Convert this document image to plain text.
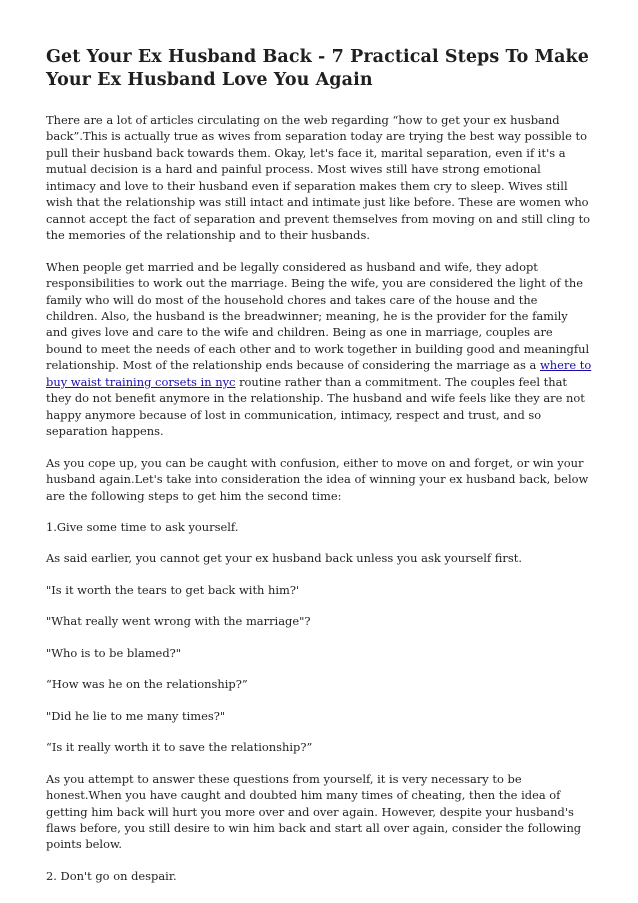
Get Your Ex Husband Back - 7 Practical Steps To Make Your Ex Husband Love You Again

There are a lot of articles circulating on the web regarding “how to get your ex husband back”.This is actually true as wives from separation today are trying the best way possible to pull their husband back towards them. Okay, let's face it, marital separation, even if it's a mutual decision is a hard and painful process. Most wives still have strong emotional intimacy and love to their husband even if separation makes them cry to sleep. Wives still wish that the relationship was still intact and intimate just like before. These are women who cannot accept the fact of separation and prevent themselves from moving on and still cling to the memories of the relationship and to their husbands.

When people get married and be legally considered as husband and wife, they adopt responsibilities to work out the marriage. Being the wife, you are considered the light of the family who will do most of the household chores and takes care of the house and the children. Also, the husband is the breadwinner; meaning, he is the provider for the family and gives love and care to the wife and children. Being as one in marriage, couples are bound to meet the needs of each other and to work together in building good and meaningful relationship. Most of the relationship ends because of considering the marriage as a where to buy waist training corsets in nyc routine rather than a commitment. The couples feel that they do not benefit anymore in the relationship. The husband and wife feels like they are not happy anymore because of lost in communication, intimacy, respect and trust, and so separation happens.

As you cope up, you can be caught with confusion, either to move on and forget, or win your husband again.Let's take into consideration the idea of winning your ex husband back, below are the following steps to get him the second time:

1.Give some time to ask yourself.

As said earlier, you cannot get your ex husband back unless you ask yourself first.

"Is it worth the tears to get back with him?'

"What really went wrong with the marriage"?

"Who is to be blamed?"

“How was he on the relationship?”

"Did he lie to me many times?"

“Is it really worth it to save the relationship?”

As you attempt to answer these questions from yourself, it is very necessary to be honest.When you have caught and doubted him many times of cheating, then the idea of getting him back will hurt you more over and over again. However, despite your husband's flaws before, you still desire to win him back and start all over again, consider the following points below.

2. Don't go on despair.
